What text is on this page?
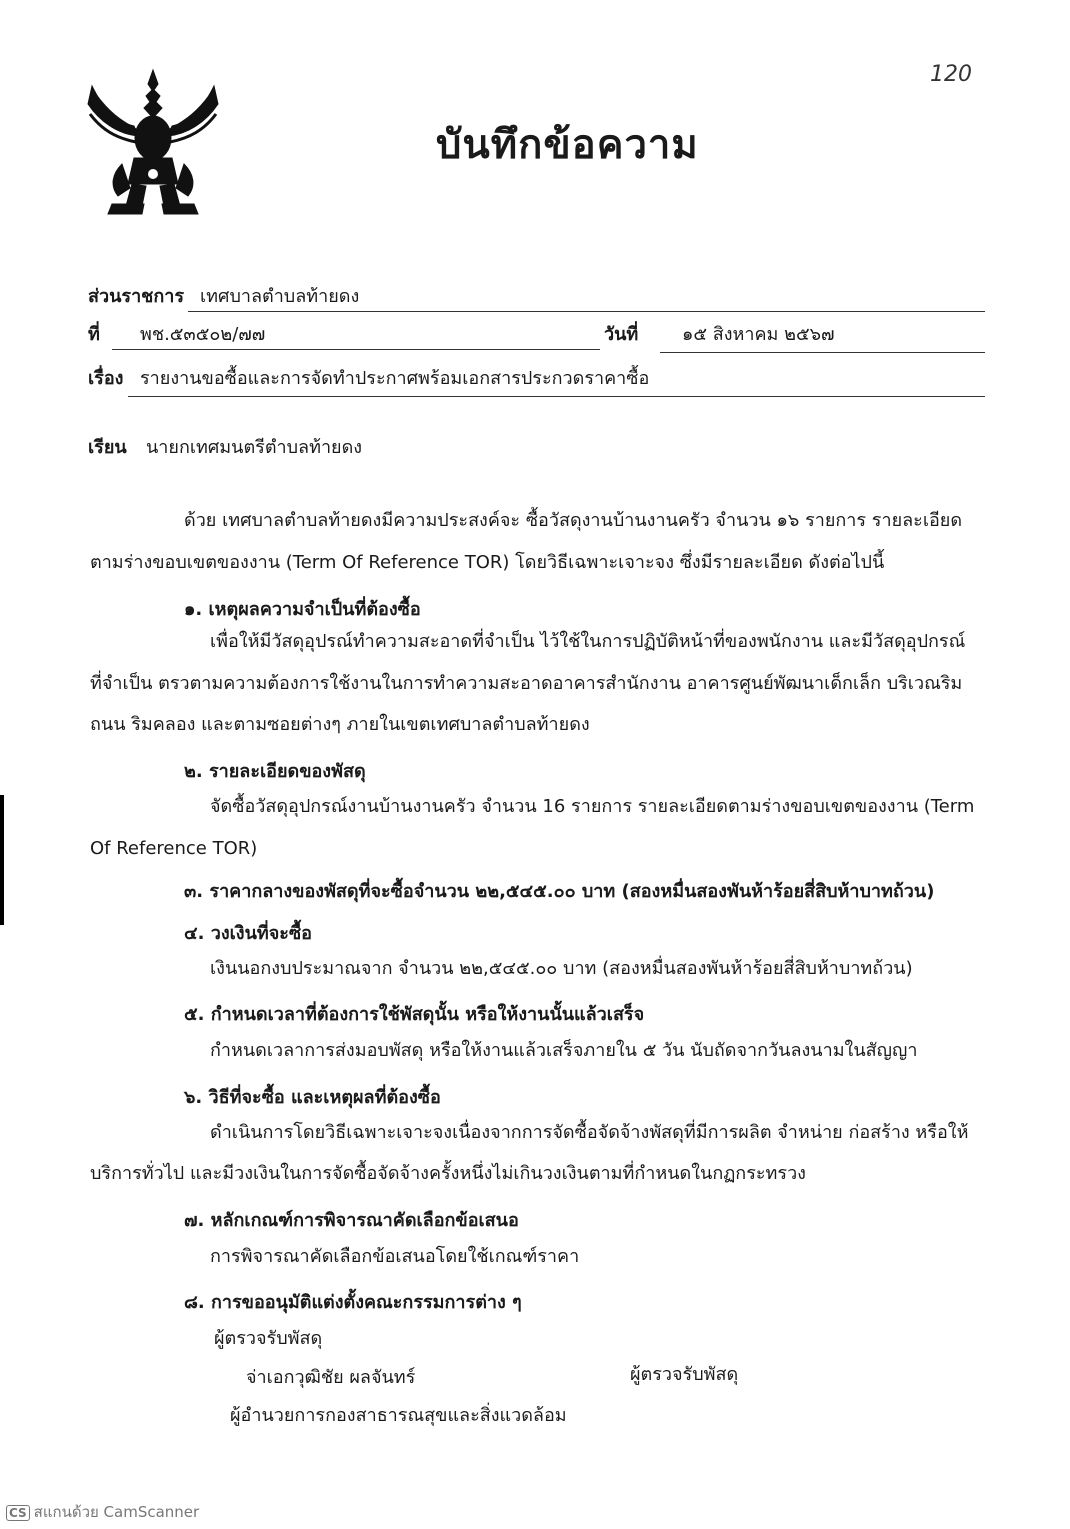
120
บันทึกข้อความ
ส่วนราชการ เทศบาลตำบลท้ายดง
ที่ พช.๕๓๕๐๒/๗๗	วันที่ ๑๕ สิงหาคม ๒๕๖๗
เรื่อง รายงานขอซื้อและการจัดทำประกาศพร้อมเอกสารประกวดราคาซื้อ
เรียน นายกเทศมนตรีตำบลท้ายดง
ด้วย เทศบาลตำบลท้ายดงมีความประสงค์จะ ซื้อวัสดุงานบ้านงานครัว จำนวน ๑๖ รายการ รายละเอียด
ตามร่างขอบเขตของงาน (Term Of Reference TOR) โดยวิธีเฉพาะเจาะจง ซึ่งมีรายละเอียด ดังต่อไปนี้
๑. เหตุผลความจำเป็นที่ต้องซื้อ
เพื่อให้มีวัสดุอุปรณ์ทำความสะอาดที่จำเป็น ไว้ใช้ในการปฏิบัติหน้าที่ของพนักงาน และมีวัสดุอุปกรณ์
ที่จำเป็น ตรวตามความต้องการใช้งานในการทำความสะอาดอาคารสำนักงาน อาคารศูนย์พัฒนาเด็กเล็ก บริเวณริม
ถนน ริมคลอง และตามซอยต่างๆ ภายในเขตเทศบาลตำบลท้ายดง
๒. รายละเอียดของพัสดุ
จัดซื้อวัสดุอุปกรณ์งานบ้านงานครัว จำนวน 16 รายการ รายละเอียดตามร่างขอบเขตของงาน (Term
Of Reference TOR)
๓. ราคากลางของพัสดุที่จะซื้อจำนวน ๒๒,๕๔๕.๐๐ บาท (สองหมื่นสองพันห้าร้อยสี่สิบห้าบาทถ้วน)
๔. วงเงินที่จะซื้อ
เงินนอกงบประมาณจาก จำนวน ๒๒,๕๔๕.๐๐ บาท (สองหมื่นสองพันห้าร้อยสี่สิบห้าบาทถ้วน)
๕. กำหนดเวลาที่ต้องการใช้พัสดุนั้น หรือให้งานนั้นแล้วเสร็จ
กำหนดเวลาการส่งมอบพัสดุ หรือให้งานแล้วเสร็จภายใน ๕ วัน นับถัดจากวันลงนามในสัญญา
๖. วิธีที่จะซื้อ และเหตุผลที่ต้องซื้อ
ดำเนินการโดยวิธีเฉพาะเจาะจงเนื่องจากการจัดซื้อจัดจ้างพัสดุที่มีการผลิต จำหน่าย ก่อสร้าง หรือให้
บริการทั่วไป และมีวงเงินในการจัดซื้อจัดจ้างครั้งหนึ่งไม่เกินวงเงินตามที่กำหนดในกฏกระทรวง
๗. หลักเกณฑ์การพิจารณาคัดเลือกข้อเสนอ
การพิจารณาคัดเลือกข้อเสนอโดยใช้เกณฑ์ราคา
๘. การขออนุมัติแต่งตั้งคณะกรรมการต่าง ๆ
ผู้ตรวจรับพัสดุ
จ่าเอกวุฒิชัย ผลจันทร์	ผู้ตรวจรับพัสดุ
ผู้อำนวยการกองสาธารณสุขและสิ่งแวดล้อม
CS สแกนด้วย CamScanner
